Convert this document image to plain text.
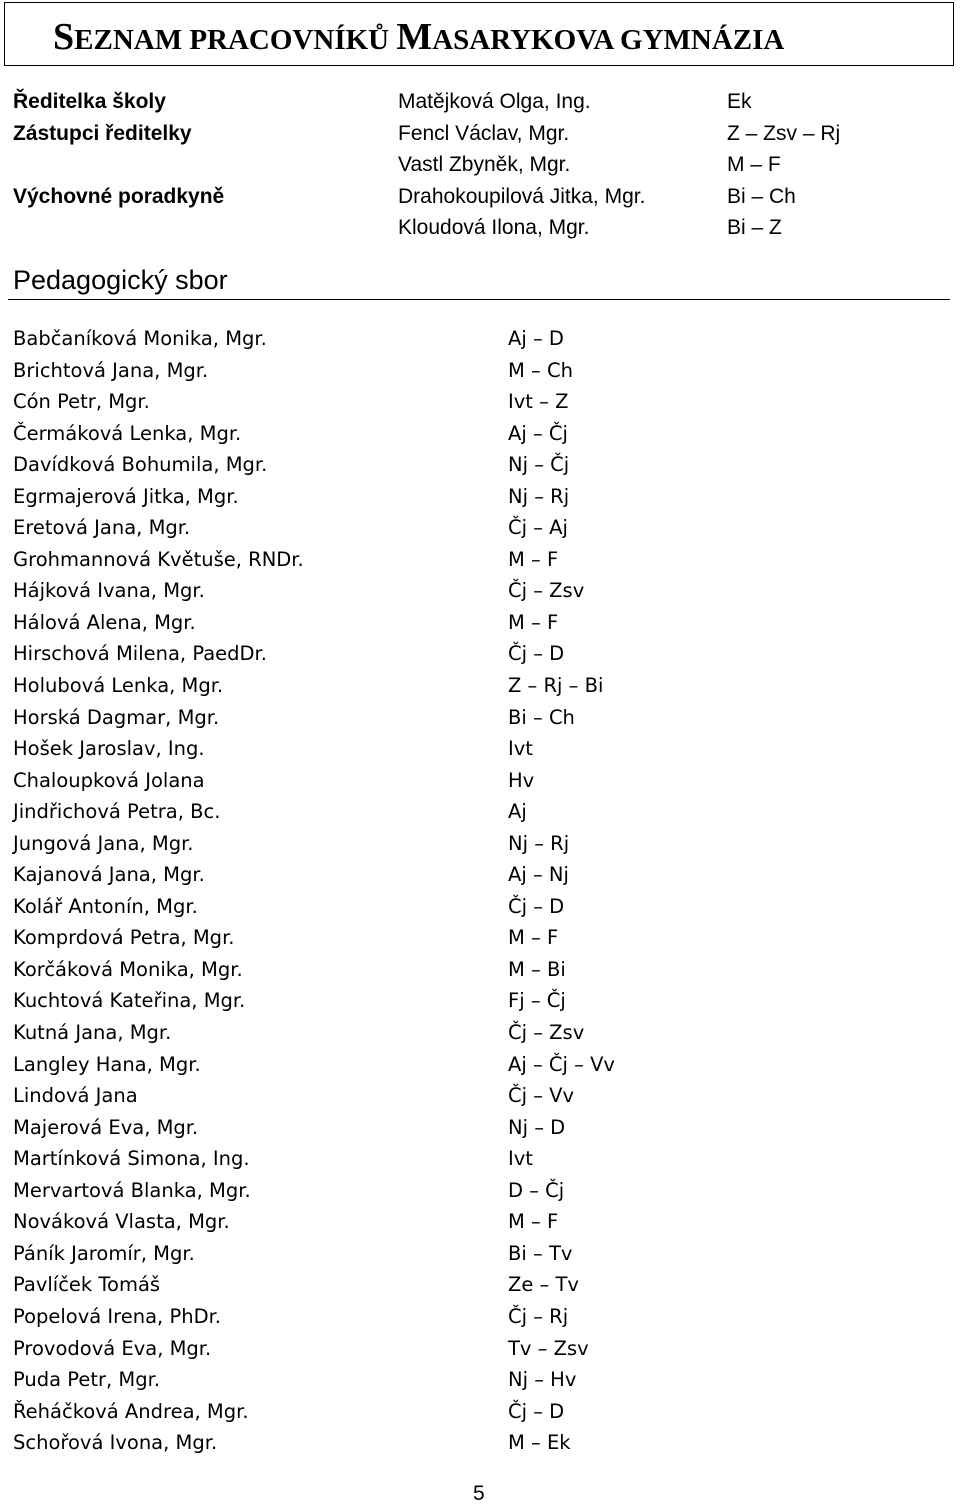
SEZNAM PRACOVNÍKŮ MASARYKOVA GYMNÁZIA
Ředitelka školy	Matějková Olga, Ing.	Ek
Zástupci ředitelky	Fencl Václav, Mgr.	Z – Zsv – Rj
Vastl Zbyněk, Mgr.	M – F
Výchovné poradkyně	Drahokoupilová Jitka, Mgr.	Bi – Ch
Kloudová Ilona, Mgr.	Bi – Z
Pedagogický sbor
Babčaníková Monika, Mgr.	Aj – D
Brichtová Jana, Mgr.	M – Ch
Cón Petr, Mgr.	Ivt – Z
Čermáková Lenka, Mgr.	Aj – Čj
Davídková Bohumila, Mgr.	Nj – Čj
Egrmajerová Jitka, Mgr.	Nj – Rj
Eretová Jana, Mgr.	Čj – Aj
Grohmannová Květuše, RNDr.	M – F
Hájková Ivana, Mgr.	Čj – Zsv
Hálová Alena, Mgr.	M – F
Hirschová Milena, PaedDr.	Čj – D
Holubová Lenka, Mgr.	Z – Rj – Bi
Horská Dagmar, Mgr.	Bi – Ch
Hošek Jaroslav, Ing.	Ivt
Chaloupková Jolana	Hv
Jindřichová Petra, Bc.	Aj
Jungová Jana, Mgr.	Nj – Rj
Kajanová Jana, Mgr.	Aj – Nj
Kolář Antonín, Mgr.	Čj – D
Komprdová Petra, Mgr.	M – F
Korčáková Monika, Mgr.	M – Bi
Kuchtová Kateřina, Mgr.	Fj – Čj
Kutná Jana, Mgr.	Čj – Zsv
Langley Hana, Mgr.	Aj – Čj – Vv
Lindová Jana	Čj – Vv
Majerová Eva, Mgr.	Nj – D
Martínková Simona, Ing.	Ivt
Mervartová Blanka, Mgr.	D – Čj
Nováková Vlasta, Mgr.	M – F
Páník Jaromír, Mgr.	Bi – Tv
Pavlíček Tomáš	Ze – Tv
Popelová Irena, PhDr.	Čj – Rj
Provodová Eva, Mgr.	Tv – Zsv
Puda Petr, Mgr.	Nj – Hv
Řeháčková Andrea, Mgr.	Čj – D
Schořová Ivona, Mgr.	M – Ek
5
